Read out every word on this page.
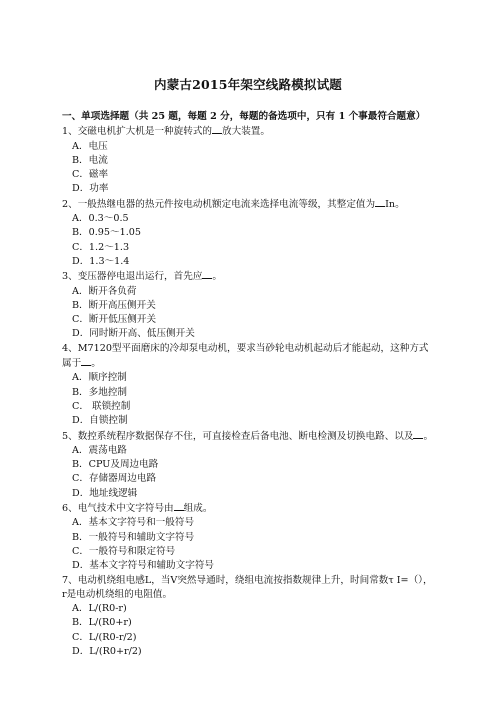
内蒙古2015年架空线路模拟试题

一、单项选择题（共 25 题，每题 2 分，每题的备选项中，只有 1 个事最符合题意）

1、交磁电机扩大机是一种旋转式的 放大装置。

A．电压

B．电流

C．磁率

D．功率

2、一般热继电器的热元件按电动机额定电流来选择电流等级，其整定值为 In。

A．0.3～0.5

B．0.95～1.05

C．1.2～1.3

D．1.3～1.4

3、变压器停电退出运行，首先应 。

A．断开各负荷

B．断开高压侧开关

C．断开低压侧开关

D．同时断开高、低压侧开关

4、M7120型平面磨床的冷却泵电动机，要求当砂轮电动机起动后才能起动，这种方式属于 。

A．顺序控制

B．多地控制

C． 联锁控制

D．自锁控制

5、数控系统程序数据保存不住，可直接检查后备电池、断电检测及切换电路、以及 。

A．震荡电路

B．CPU及周边电路

C．存储器周边电路

D．地址线逻辑

6、电气技术中文字符号由 组成。

A．基本文字符号和一般符号

B．一般符号和辅助文字符号

C．一般符号和限定符号

D．基本文字符号和辅助文字符号

7、电动机绕组电感L，当V突然导通时，绕组电流按指数规律上升，时间常数τ I=（），r是电动机绕组的电阻值。

A．L/(R0-r)

B．L/(R0+r)

C．L/(R0-r/2)

D．L/(R0+r/2)
